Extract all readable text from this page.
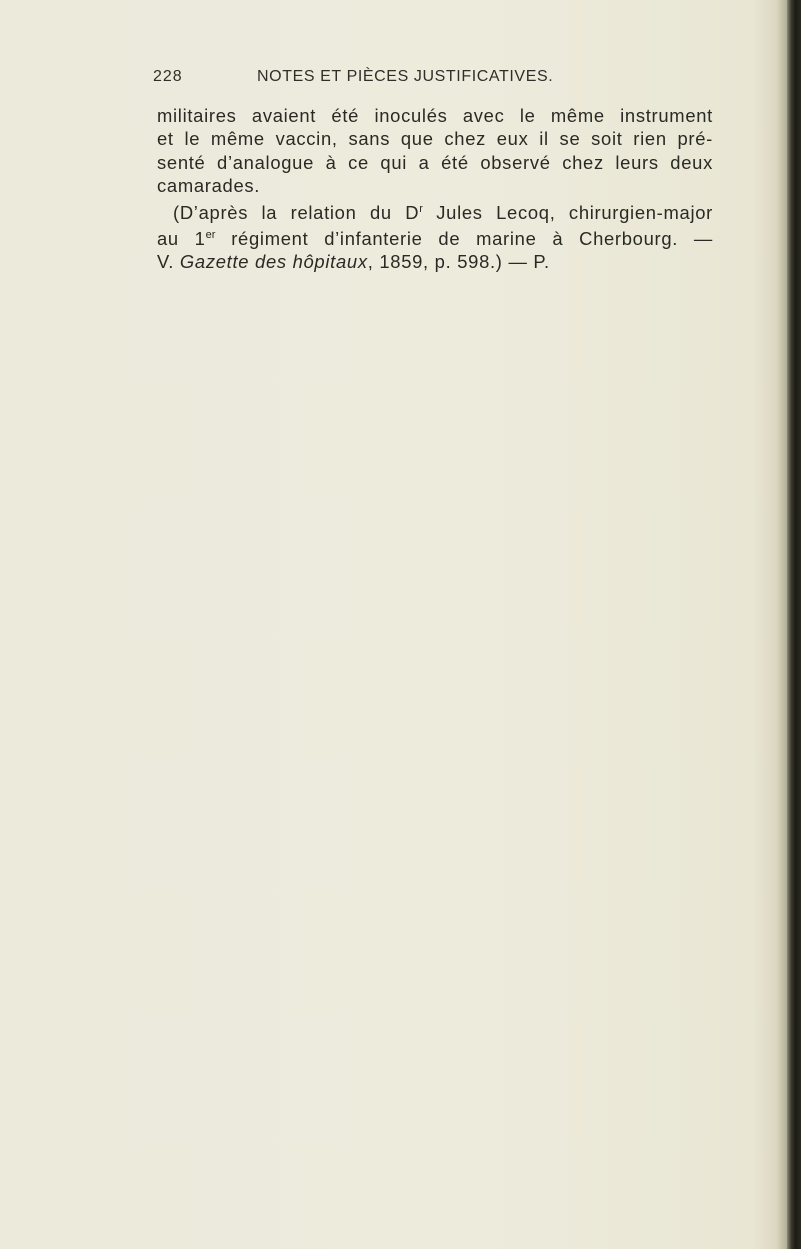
228	NOTES ET PIÈCES JUSTIFICATIVES.
militaires avaient été inoculés avec le même instrument
et le même vaccin, sans que chez eux il se soit rien pré-
senté d’analogue à ce qui a été observé chez leurs deux
camarades.
(D’après la relation du $D^r$ Jules Lecoq, chirurgien-major
au 1er régiment d’infanterie de marine à Cherbourg. —
V. Gazette des hôpitaux, 1859, p. 598.) — P.
